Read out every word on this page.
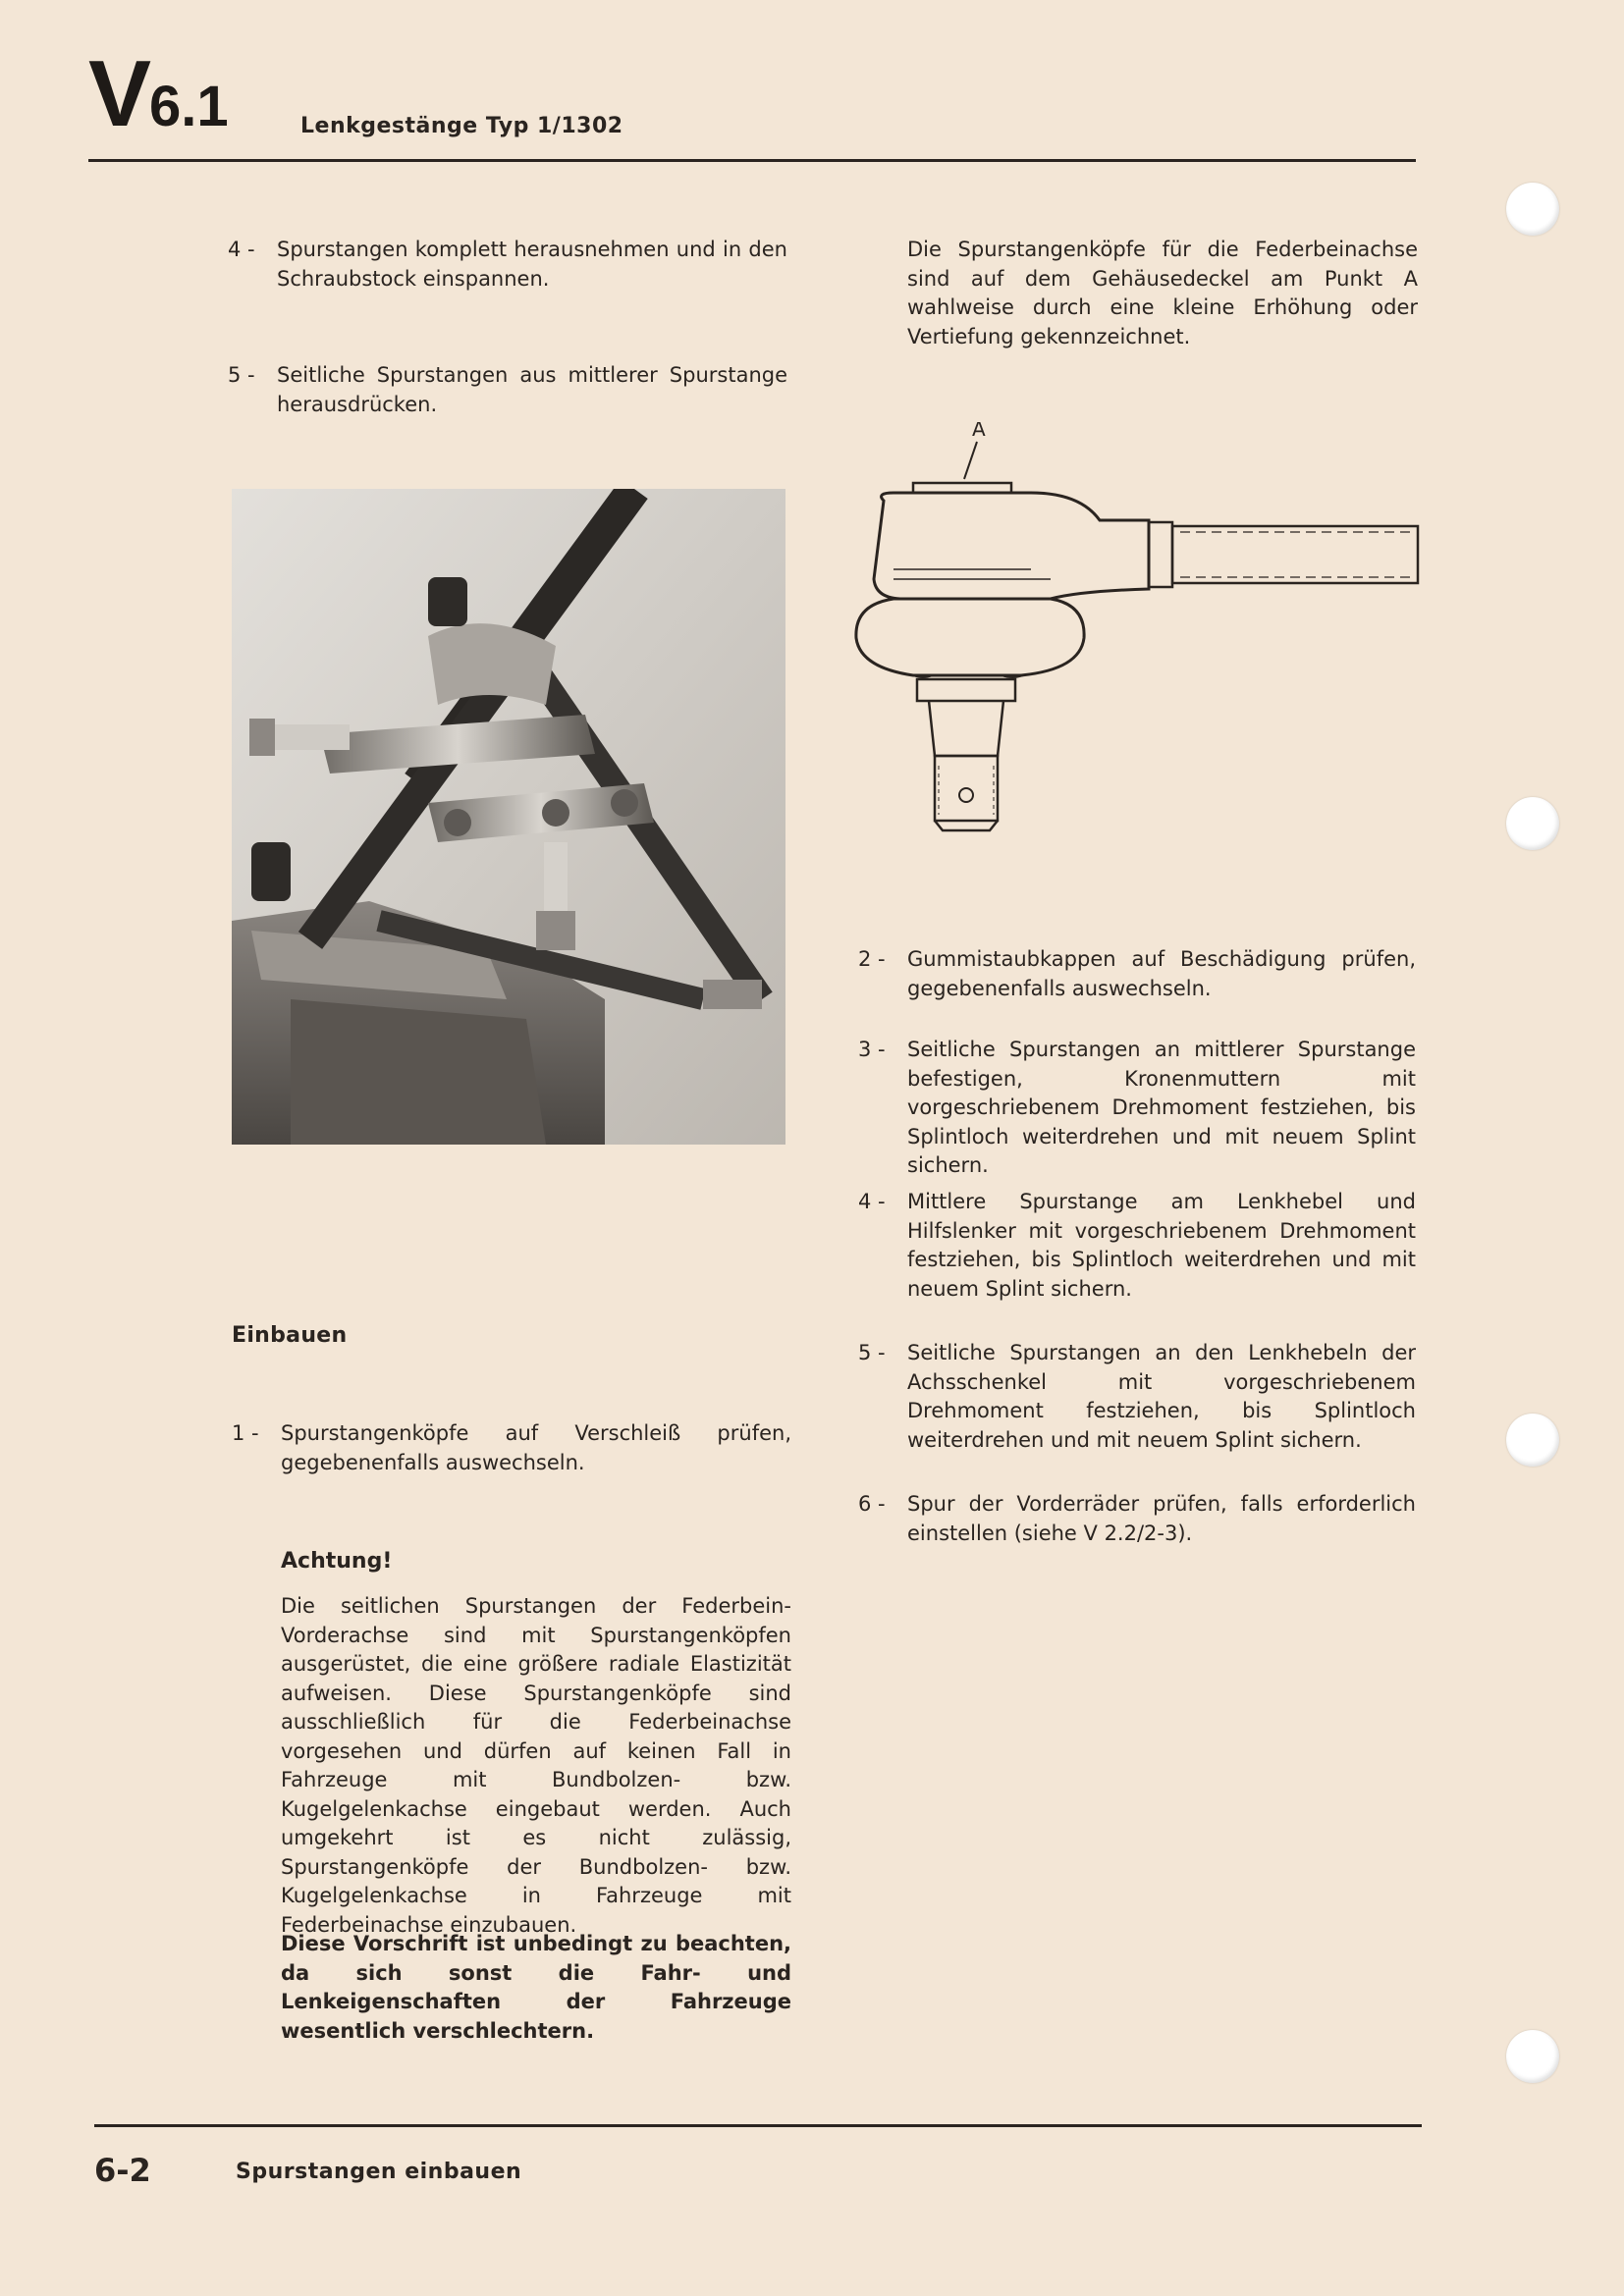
V6.1	Lenkgestänge Typ 1/1302
4 - Spurstangen komplett herausnehmen und in den Schraubstock einspannen.
5 - Seitliche Spurstangen aus mittlerer Spurstange herausdrücken.
Die Spurstangenköpfe für die Federbeinachse sind auf dem Gehäusedeckel am Punkt A wahlweise durch eine kleine Erhöhung oder Vertiefung gekennzeichnet.
A
2 - Gummistaubkappen auf Beschädigung prüfen, gegebenenfalls auswechseln.
3 - Seitliche Spurstangen an mittlerer Spurstange befestigen, Kronenmuttern mit vorgeschriebenem Drehmoment festziehen, bis Splintloch weiterdrehen und mit neuem Splint sichern.
4 - Mittlere Spurstange am Lenkhebel und Hilfslenker mit vorgeschriebenem Drehmoment festziehen, bis Splintloch weiterdrehen und mit neuem Splint sichern.
5 - Seitliche Spurstangen an den Lenkhebeln der Achsschenkel mit vorgeschriebenem Drehmoment festziehen, bis Splintloch weiterdrehen und mit neuem Splint sichern.
6 - Spur der Vorderräder prüfen, falls erforderlich einstellen (siehe V 2.2/2-3).
Einbauen
1 - Spurstangenköpfe auf Verschleiß prüfen, gegebenenfalls auswechseln.
Achtung!
Die seitlichen Spurstangen der Federbein-Vorderachse sind mit Spurstangenköpfen ausgerüstet, die eine größere radiale Elastizität aufweisen. Diese Spurstangenköpfe sind ausschließlich für die Federbeinachse vorgesehen und dürfen auf keinen Fall in Fahrzeuge mit Bundbolzen- bzw. Kugelgelenkachse eingebaut werden. Auch umgekehrt ist es nicht zulässig, Spurstangenköpfe der Bundbolzen- bzw. Kugelgelenkachse in Fahrzeuge mit Federbeinachse einzubauen.
Diese Vorschrift ist unbedingt zu beachten, da sich sonst die Fahr- und Lenkeigenschaften der Fahrzeuge wesentlich verschlechtern.
6-2	Spurstangen einbauen
